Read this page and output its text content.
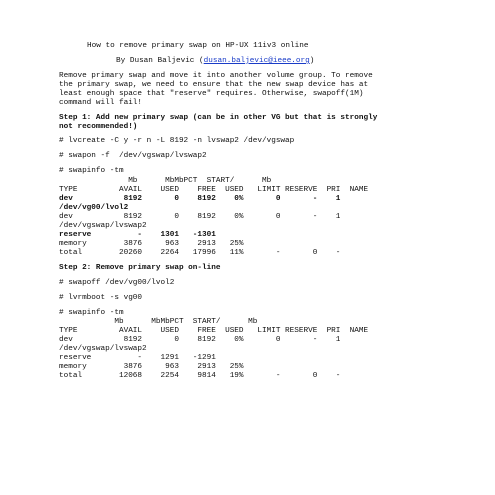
How to remove primary swap on HP-UX 11iv3 online
By Dusan Baljevic (dusan.baljevic@ieee.org)
Remove primary swap and move it into another volume group. To remove
the primary swap, we need to ensure that the new swap device has at
least enough space that "reserve" requires. Otherwise, swapoff(1M)
command will fail!
Step 1: Add new primary swap (can be in other VG but that is strongly
not recommended!)
# lvcreate -C y -r n -L 8192 -n lvswap2 /dev/vgswap
# swapon -f  /dev/vgswap/lvswap2
# swapinfo -tm
Mb      MbMbPCT  START/      Mb
TYPE         AVAIL    USED    FREE  USED   LIMIT RESERVE  PRI  NAME
dev           8192       0    8192    0%       0       -    1
/dev/vg00/lvol2
dev           8192       0    8192    0%       0       -    1
/dev/vgswap/lvswap2
reserve          -    1301   -1301
memory        3876     963    2913   25%
total        20260    2264   17996   11%       -       0    -
Step 2: Remove primary swap on-line
# swapoff /dev/vg00/lvol2
# lvrmboot -s vg00
# swapinfo -tm
Mb      MbMbPCT  START/      Mb
TYPE         AVAIL    USED    FREE  USED   LIMIT RESERVE  PRI  NAME
dev           8192       0    8192    0%       0       -    1
/dev/vgswap/lvswap2
reserve          -    1291   -1291
memory        3876     963    2913   25%
total        12068    2254    9814   19%       -       0    -
